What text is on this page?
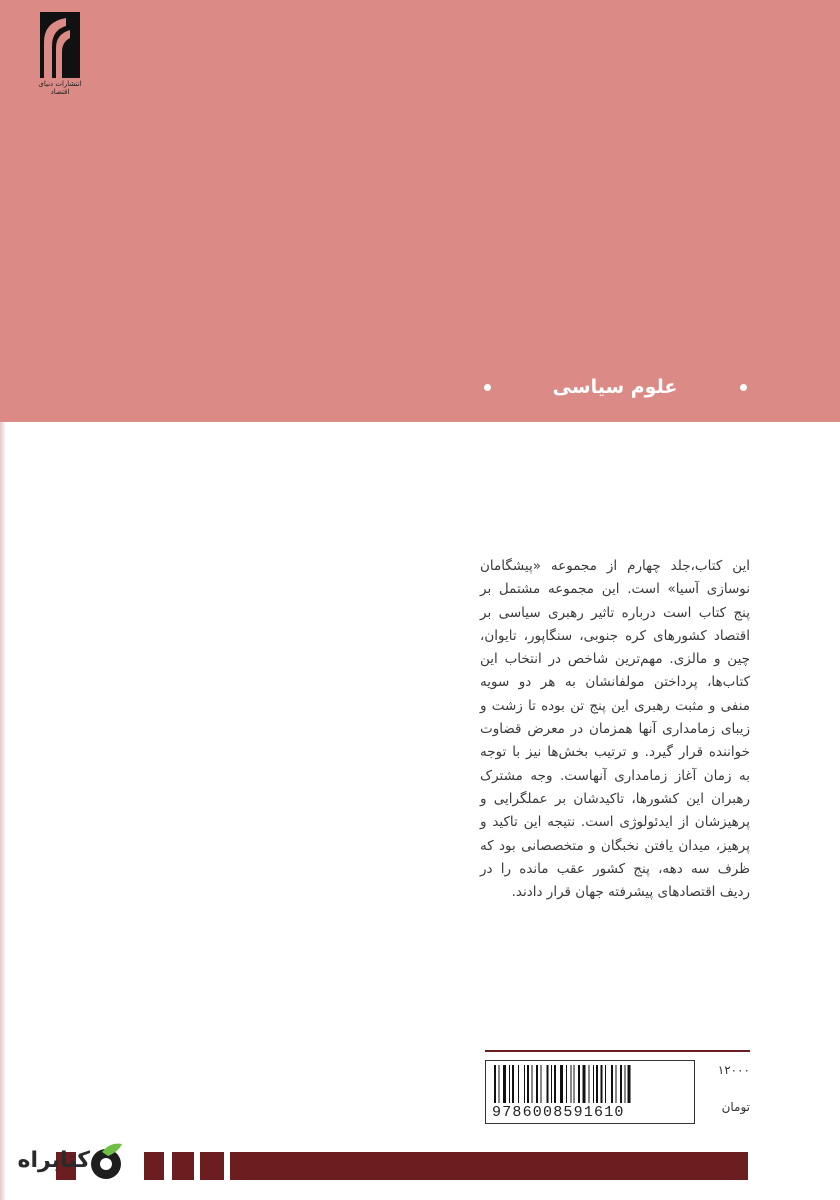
انتشارات دنیای اقتصاد
علوم سیاسی

این کتاب،جلد چهارم از مجموعه «پیشگامان نوسازی آسیا» است. این مجموعه مشتمل بر پنج کتاب است درباره تاثیر رهبری سیاسی بر اقتصاد کشورهای کره جنوبی، سنگاپور، تایوان، چین و مالزی. مهم‌ترین شاخص در انتخاب این کتاب‌ها، پرداختن مولفانشان به هر دو سویه منفی و مثبت رهبری این پنج تن بوده تا زشت و زیبای زمامداری آنها همزمان در معرض قضاوت خواننده قرار گیرد. و ترتیب بخش‌ها نیز با توجه به زمان آغاز زمامداری آنهاست. وجه مشترک رهبران این کشورها، تاکیدشان بر عملگرایی و پرهیزشان از ایدئولوژی است. نتیجه این تاکید و پرهیز، میدان یافتن نخبگان و متخصصانی بود که ظرف سه دهه، پنج کشور عقب مانده را در ردیف اقتصادهای پیشرفته جهان قرار دادند.

9786008591610
۱۲۰۰۰
تومان
کتابراه
